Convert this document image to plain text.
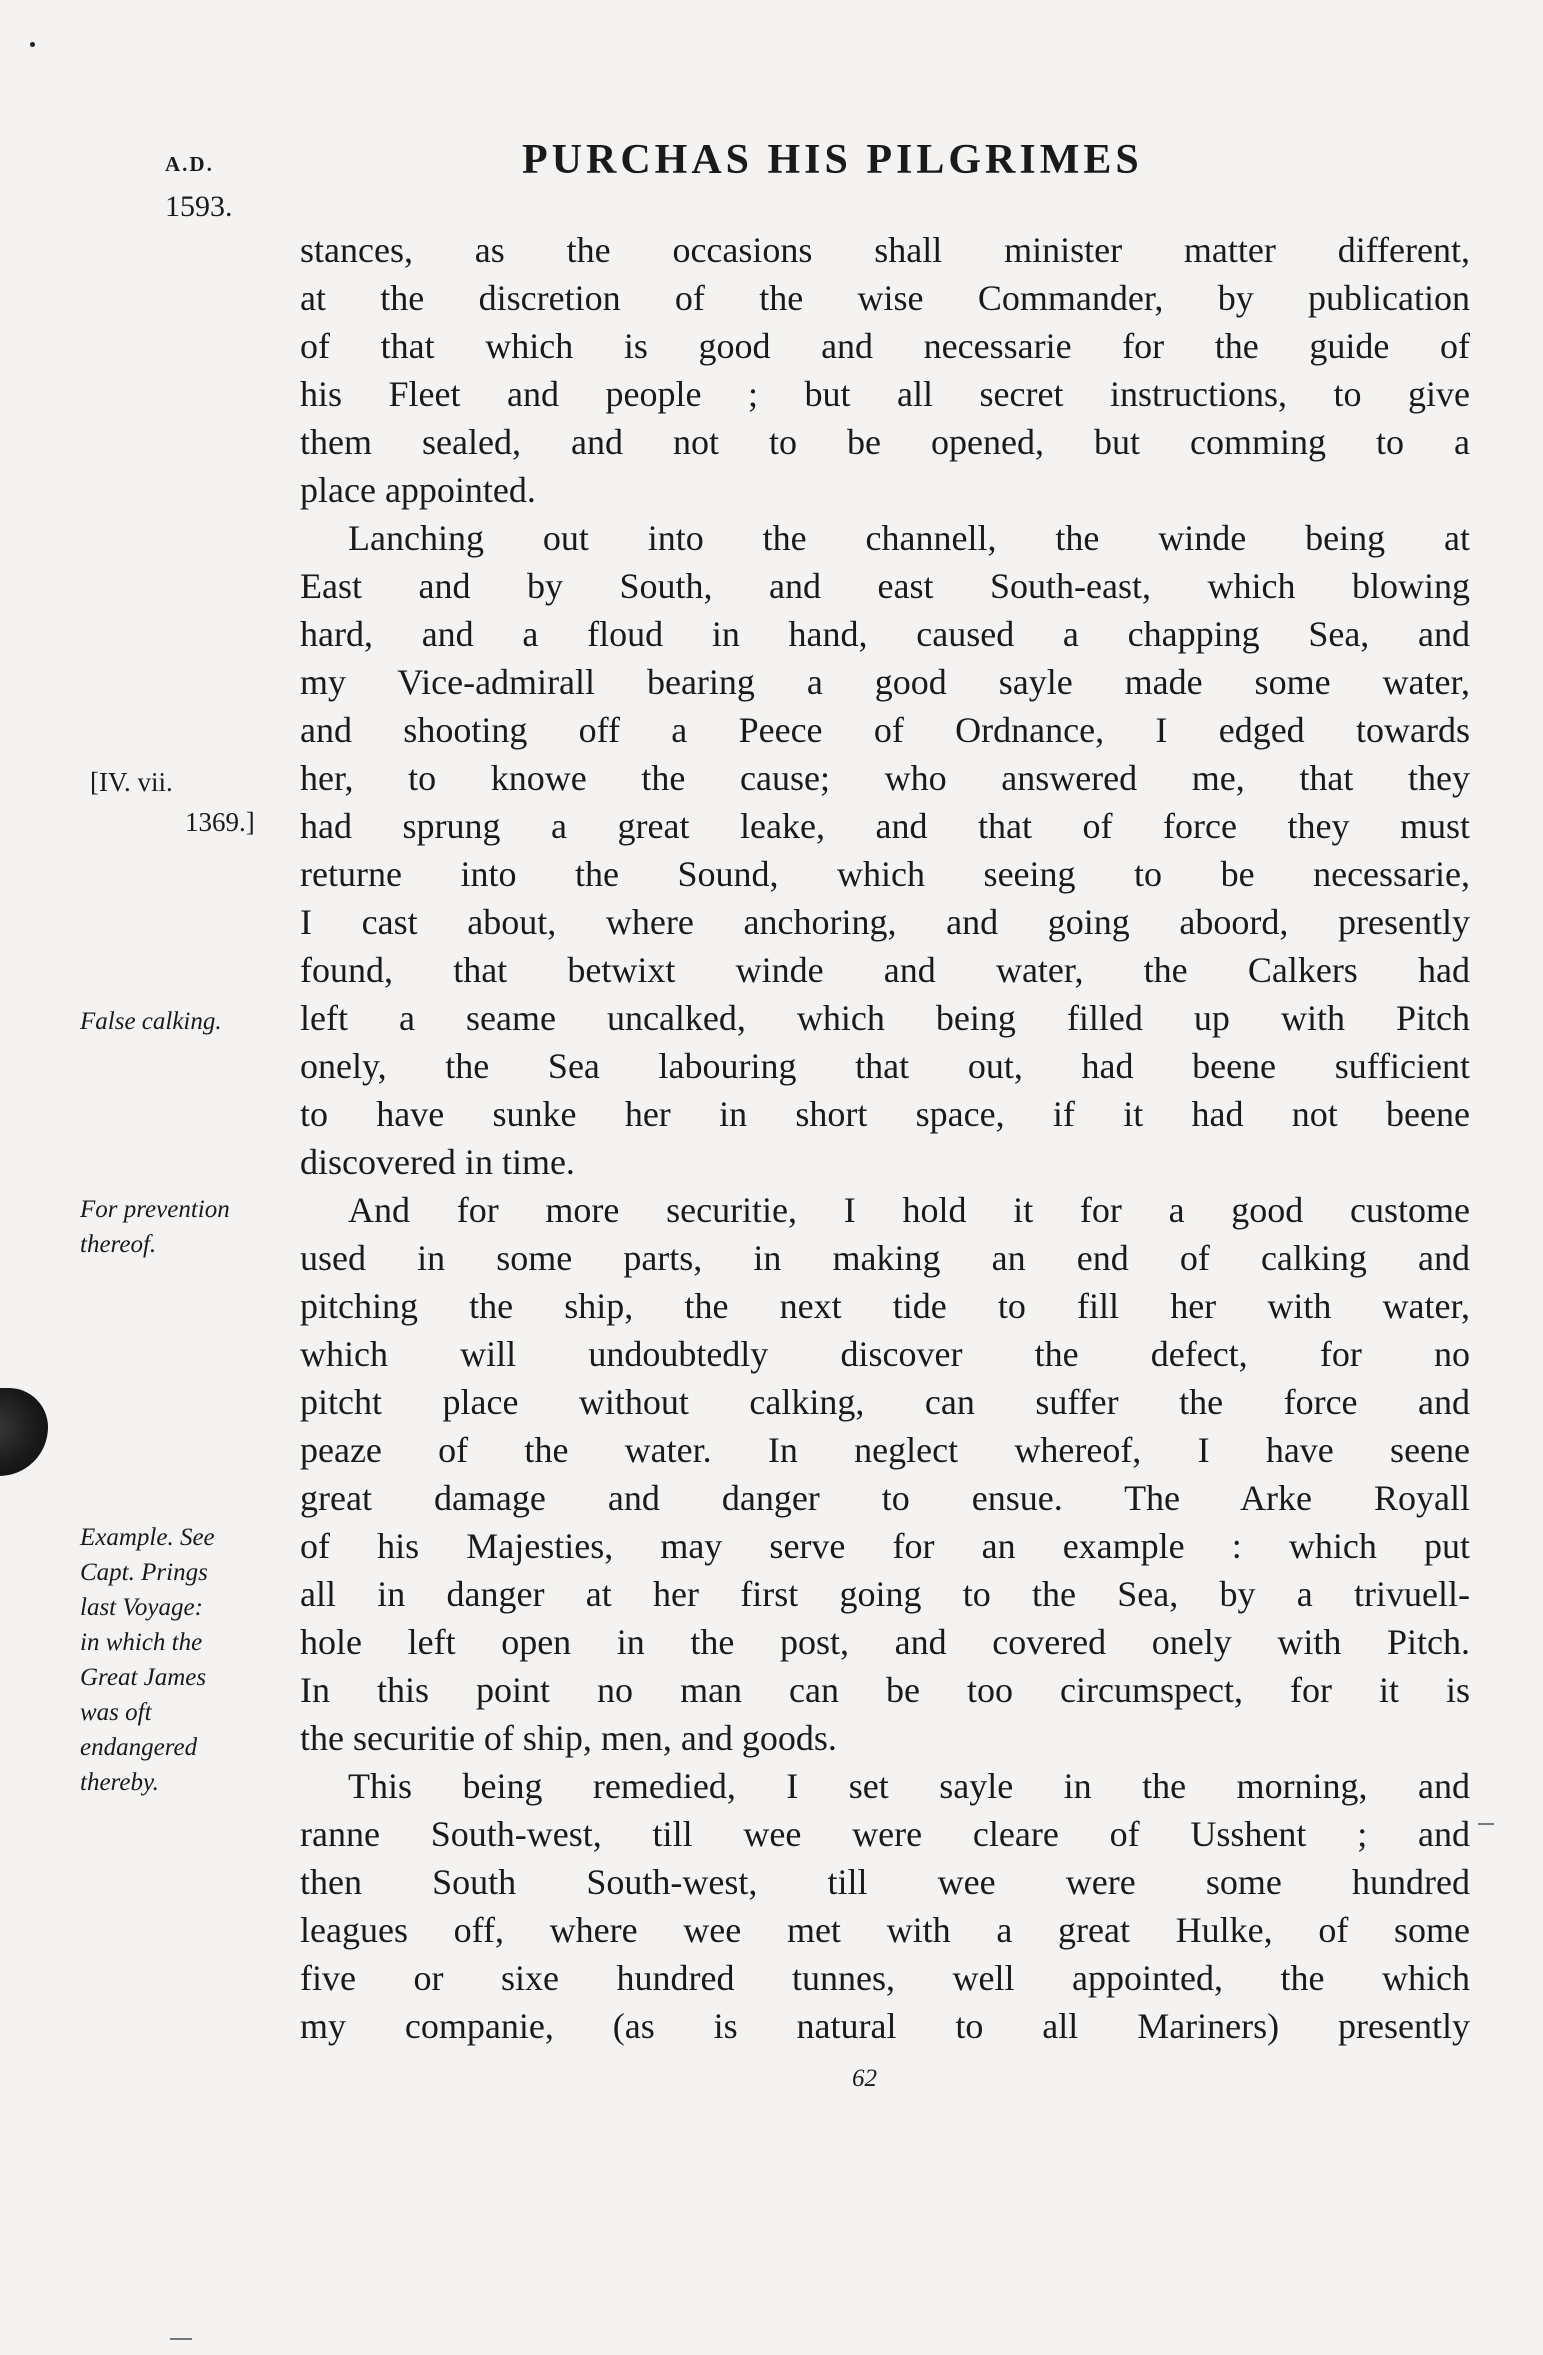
A.D.
1593.
PURCHAS HIS PILGRIMES
[IV. vii.
1369.]
False calking.
For prevention
thereof.
Example. See
Capt. Prings
last Voyage:
in which the
Great James
was oft
endangered
thereby.
stances, as the occasions shall minister matter different,
at the discretion of the wise Commander, by publication
of that which is good and necessarie for the guide of
his Fleet and people ; but all secret instructions, to give
them sealed, and not to be opened, but comming to a
place appointed.
Lanching out into the channell, the winde being at
East and by South, and east South-east, which blowing
hard, and a floud in hand, caused a chapping Sea, and
my Vice-admirall bearing a good sayle made some water,
and shooting off a Peece of Ordnance, I edged towards
her, to knowe the cause; who answered me, that they
had sprung a great leake, and that of force they must
returne into the Sound, which seeing to be necessarie,
I cast about, where anchoring, and going aboord, presently
found, that betwixt winde and water, the Calkers had
left a seame uncalked, which being filled up with Pitch
onely, the Sea labouring that out, had beene sufficient
to have sunke her in short space, if it had not beene
discovered in time.
And for more securitie, I hold it for a good custome
used in some parts, in making an end of calking and
pitching the ship, the next tide to fill her with water,
which will undoubtedly discover the defect, for no
pitcht place without calking, can suffer the force and
peaze of the water. In neglect whereof, I have seene
great damage and danger to ensue. The Arke Royall
of his Majesties, may serve for an example : which put
all in danger at her first going to the Sea, by a trivuell-
hole left open in the post, and covered onely with Pitch.
In this point no man can be too circumspect, for it is
the securitie of ship, men, and goods.
This being remedied, I set sayle in the morning, and
ranne South-west, till wee were cleare of Usshent ; and
then South South-west, till wee were some hundred
leagues off, where wee met with a great Hulke, of some
five or sixe hundred tunnes, well appointed, the which
my companie, (as is natural to all Mariners) presently
62
